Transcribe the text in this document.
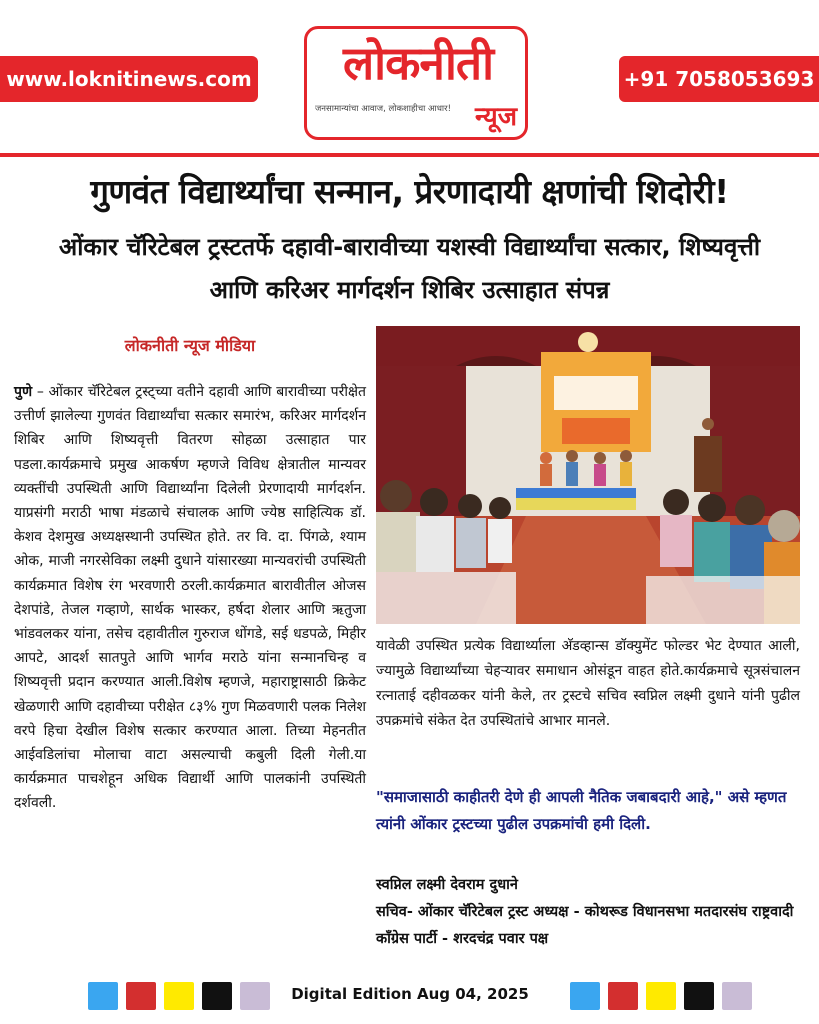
www.loknitinews.com	लोकनीती
जनसामान्यांचा आवाज, लोकशाहीचा आधार! न्यूज
+91 7058053693
गुणवंत विद्यार्थ्यांचा सन्मान, प्रेरणादायी क्षणांची शिदोरी!
ओंकार चॅरिटेबल ट्रस्टतर्फे दहावी-बारावीच्या यशस्वी विद्यार्थ्यांचा सत्कार, शिष्यवृत्ती आणि करिअर मार्गदर्शन शिबिर उत्साहात संपन्न
लोकनीती न्यूज मीडिया
पुणे – ओंकार चॅरिटेबल ट्रस्ट्च्या वतीने दहावी आणि बारावीच्या परीक्षेत उत्तीर्ण झालेल्या गुणवंत विद्यार्थ्यांचा सत्कार समारंभ, करिअर मार्गदर्शन शिबिर आणि शिष्यवृत्ती वितरण सोहळा उत्साहात पार पडला.कार्यक्रमाचे प्रमुख आकर्षण म्हणजे विविध क्षेत्रातील मान्यवर व्यक्तींची उपस्थिती आणि विद्यार्थ्यांना दिलेली प्रेरणादायी मार्गदर्शन. याप्रसंगी मराठी भाषा मंडळाचे संचालक आणि ज्येष्ठ साहित्यिक डॉ. केशव देशमुख अध्यक्षस्थानी उपस्थित होते. तर वि. दा. पिंगळे, श्याम ओक, माजी नगरसेविका लक्ष्मी दुधाने यांसारख्या मान्यवरांची उपस्थिती कार्यक्रमात विशेष रंग भरवणारी ठरली.कार्यक्रमात बारावीतील ओजस देशपांडे, तेजल गव्हाणे, सार्थक भास्कर, हर्षदा शेलार आणि ऋतुजा भांडवलकर यांना, तसेच दहावीतील गुरुराज धोंगडे, सई धडपळे, मिहीर आपटे, आदर्श सातपुते आणि भार्गव मराठे यांना सन्मानचिन्ह व शिष्यवृत्ती प्रदान करण्यात आली.विशेष म्हणजे, महाराष्ट्रासाठी क्रिकेट खेळणारी आणि दहावीच्या परीक्षेत ८३% गुण मिळवणारी पलक निलेश वरपे हिचा देखील विशेष सत्कार करण्यात आला. तिच्या मेहनतीत आईवडिलांचा मोलाचा वाटा असल्याची कबुली दिली गेली.या कार्यक्रमात पाचशेहून अधिक विद्यार्थी आणि पालकांनी उपस्थिती दर्शवली.
यावेळी उपस्थित प्रत्येक विद्यार्थ्याला अ‍ॅडव्हान्स डॉक्युमेंट फोल्डर भेट देण्यात आली, ज्यामुळे विद्यार्थ्यांच्या चेहऱ्यावर समाधान ओसंडून वाहत होते.कार्यक्रमाचे सूत्रसंचालन रत्नाताई दहीवळकर यांनी केले, तर ट्रस्टचे सचिव स्वप्निल लक्ष्मी दुधाने यांनी पुढील उपक्रमांचे संकेत देत उपस्थितांचे आभार मानले.
"समाजासाठी काहीतरी देणे ही आपली नैतिक जबाबदारी आहे," असे म्हणत त्यांनी ओंकार ट्रस्टच्या पुढील उपक्रमांची हमी दिली.
स्वप्निल लक्ष्मी देवराम दुधाने
सचिव- ओंकार चॅरिटेबल ट्रस्ट अध्यक्ष - कोथरूड विधानसभा मतदारसंघ राष्ट्रवादी काँग्रेस पार्टी - शरदचंद्र पवार पक्ष
Digital Edition Aug 04, 2025
